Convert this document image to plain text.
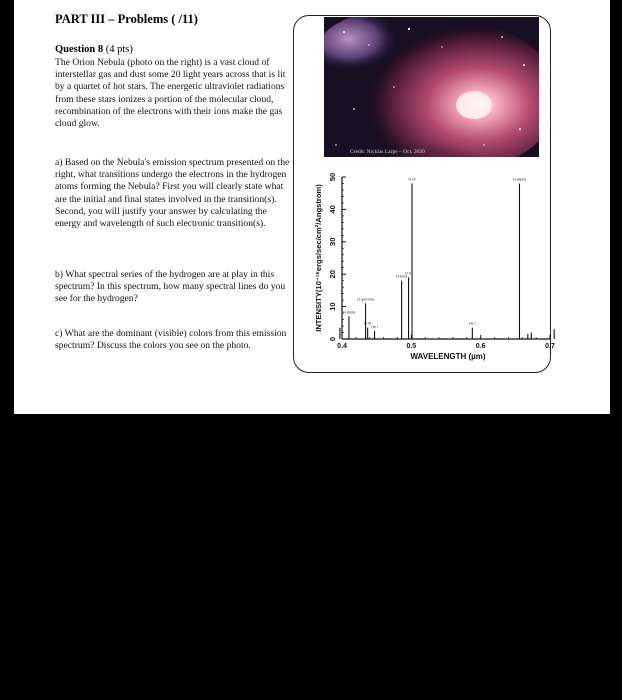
PART III – Problems ( /11)
Question 8 (4 pts)
The Orion Nebula (photo on the right) is a vast cloud of interstellar gas and dust some 20 light years across that is lit by a quartet of hot stars. The energetic ultraviolet radiations from these stars ionizes a portion of the molecular cloud, recombination of the electrons with their ions make the gas cloud glow.
a) Based on the Nebula's emission spectrum presented on the right, what transitions undergo the electrons in the hydrogen atoms forming the Nebula? First you will clearly state what are the initial and final states involved in the transition(s). Second, you will justify your answer by calculating the energy and wavelength of such electronic transition(s).
b) What spectral series of the hydrogen are at play in this spectrum? In this spectrum, how many spectral lines do you see for the hydrogen?
c) What are the dominant (visible) colors from this emission spectrum? Discuss the colors you see on the photo.
Credit: Nicklas Larpe – Oct. 2020
0
10
20
30
40
50
0.4	0.5	0.6	0.7
H-delta
H-gamma
O III
He I
H-beta
O III
O III
He I
H-alpha
INTENSITY(10⁻¹⁶ergs/sec/cm²/Angstrom)
WAVELENGTH (µm)
